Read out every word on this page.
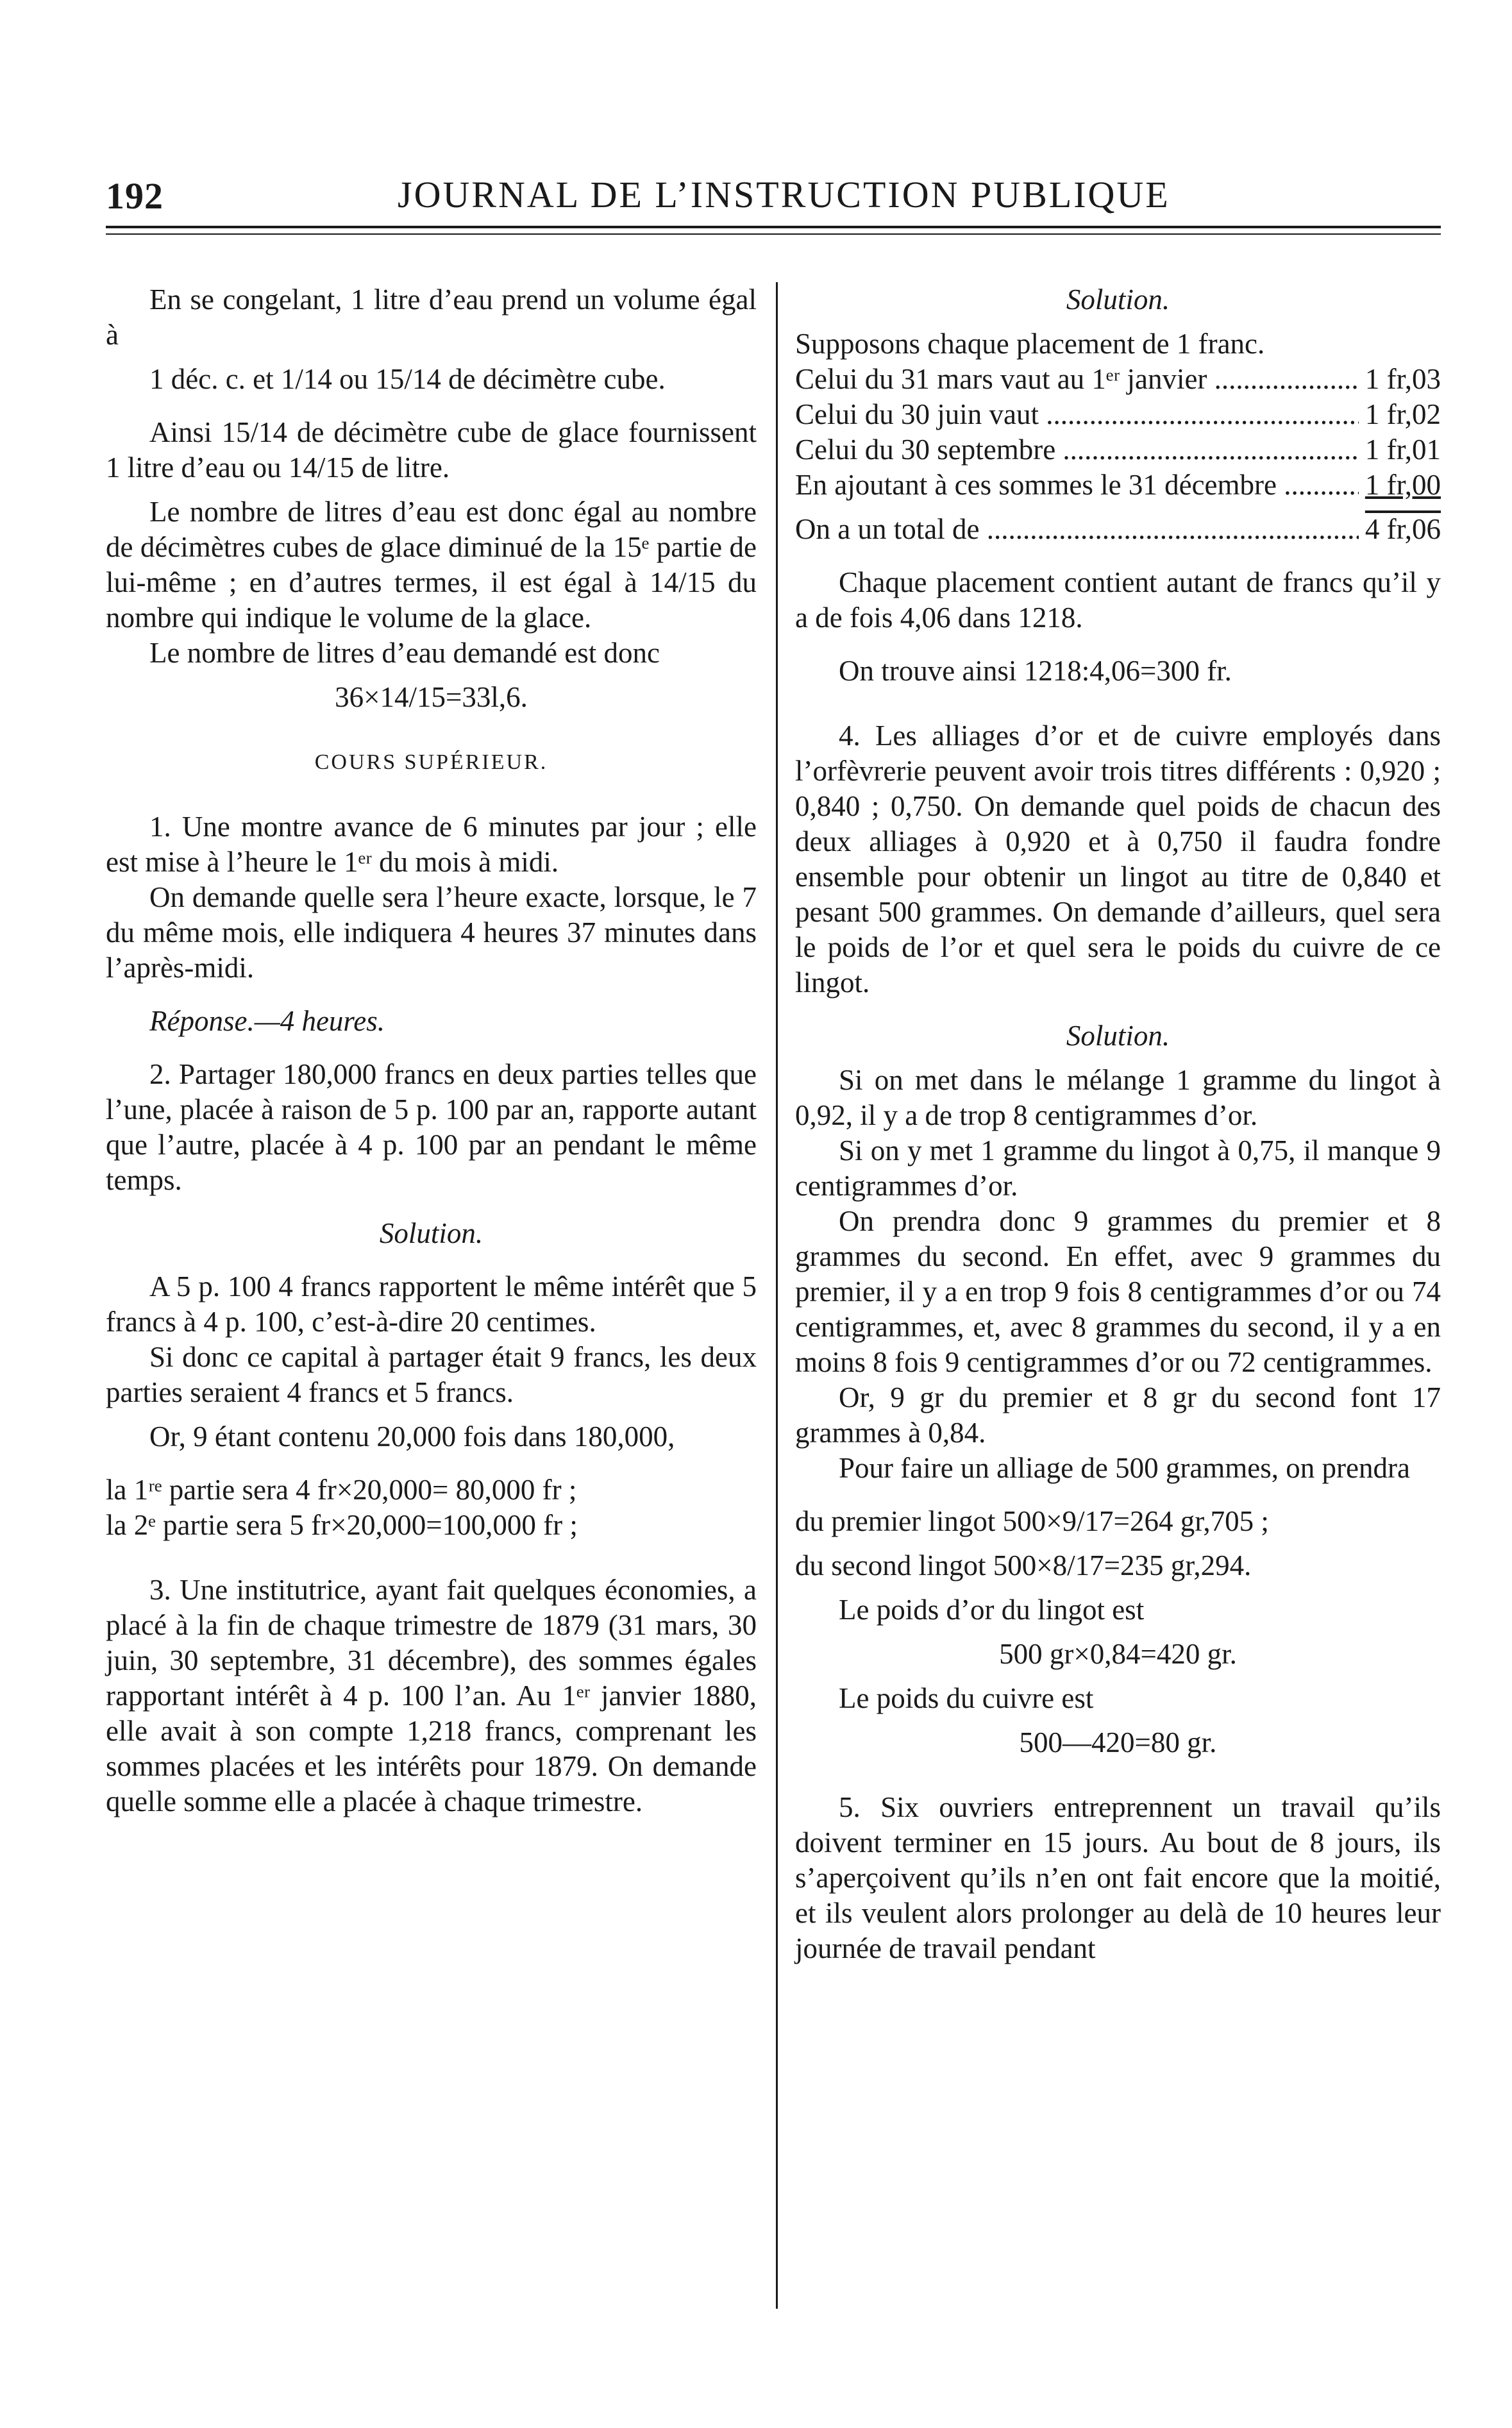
192	JOURNAL DE L’INSTRUCTION PUBLIQUE

En se congelant, 1 litre d’eau prend un volume égal à

1 déc. c. et 1/14 ou 15/14 de décimètre cube.

Ainsi 15/14 de décimètre cube de glace fournissent 1 litre d’eau ou 14/15 de litre.

Le nombre de litres d’eau est donc égal au nombre de décimètres cubes de glace diminué de la 15ᵉ partie de lui-même ; en d’autres termes, il est égal à 14/15 du nombre qui indique le volume de la glace.

Le nombre de litres d’eau demandé est donc

36×14/15=33l,6.

COURS SUPÉRIEUR.

1. Une montre avance de 6 minutes par jour ; elle est mise à l’heure le 1ᵉʳ du mois à midi.

On demande quelle sera l’heure exacte, lorsque, le 7 du même mois, elle indiquera 4 heures 37 minutes dans l’après-midi.

Réponse.—4 heures.

2. Partager 180,000 francs en deux parties telles que l’une, placée à raison de 5 p. 100 par an, rapporte autant que l’autre, placée à 4 p. 100 par an pendant le même temps.

Solution.

A 5 p. 100 4 francs rapportent le même intérêt que 5 francs à 4 p. 100, c’est-à-dire 20 centimes.

Si donc ce capital à partager était 9 francs, les deux parties seraient 4 francs et 5 francs.

Or, 9 étant contenu 20,000 fois dans 180,000,

la 1ʳᵉ partie sera 4 fr×20,000= 80,000 fr ;

la 2ᵉ partie sera 5 fr×20,000=100,000 fr ;

3. Une institutrice, ayant fait quelques économies, a placé à la fin de chaque trimestre de 1879 (31 mars, 30 juin, 30 septembre, 31 décembre), des sommes égales rapportant intérêt à 4 p. 100 l’an. Au 1ᵉʳ janvier 1880, elle avait à son compte 1,218 francs, comprenant les sommes placées et les intérêts pour 1879. On demande quelle somme elle a placée à chaque trimestre.

Solution.

Supposons chaque placement de 1 franc.

Celui du 31 mars vaut au 1ᵉʳ janvier .....	1 fr,03
Celui du 30 juin vaut .....	1 fr,02
Celui du 30 septembre .....	1 fr,01
En ajoutant à ces sommes le 31 décembre .....	1 fr,00
On a un total de .....	4 fr,06

Chaque placement contient autant de francs qu’il y a de fois 4,06 dans 1218.

On trouve ainsi 1218:4,06=300 fr.

4. Les alliages d’or et de cuivre employés dans l’orfèvrerie peuvent avoir trois titres différents : 0,920 ; 0,840 ; 0,750. On demande quel poids de chacun des deux alliages à 0,920 et à 0,750 il faudra fondre ensemble pour obtenir un lingot au titre de 0,840 et pesant 500 grammes. On demande d’ailleurs, quel sera le poids de l’or et quel sera le poids du cuivre de ce lingot.

Solution.

Si on met dans le mélange 1 gramme du lingot à 0,92, il y a de trop 8 centigrammes d’or.

Si on y met 1 gramme du lingot à 0,75, il manque 9 centigrammes d’or.

On prendra donc 9 grammes du premier et 8 grammes du second. En effet, avec 9 grammes du premier, il y a en trop 9 fois 8 centigrammes d’or ou 74 centigrammes, et, avec 8 grammes du second, il y a en moins 8 fois 9 centigrammes d’or ou 72 centigrammes.

Or, 9 gr du premier et 8 gr du second font 17 grammes à 0,84.

Pour faire un alliage de 500 grammes, on prendra

du premier lingot 500×9/17=264 gr,705 ;

du second lingot 500×8/17=235 gr,294.

Le poids d’or du lingot est

500 gr×0,84=420 gr.

Le poids du cuivre est

500—420=80 gr.

5. Six ouvriers entreprennent un travail qu’ils doivent terminer en 15 jours. Au bout de 8 jours, ils s’aperçoivent qu’ils n’en ont fait encore que la moitié, et ils veulent alors prolonger au delà de 10 heures leur journée de travail pendant
